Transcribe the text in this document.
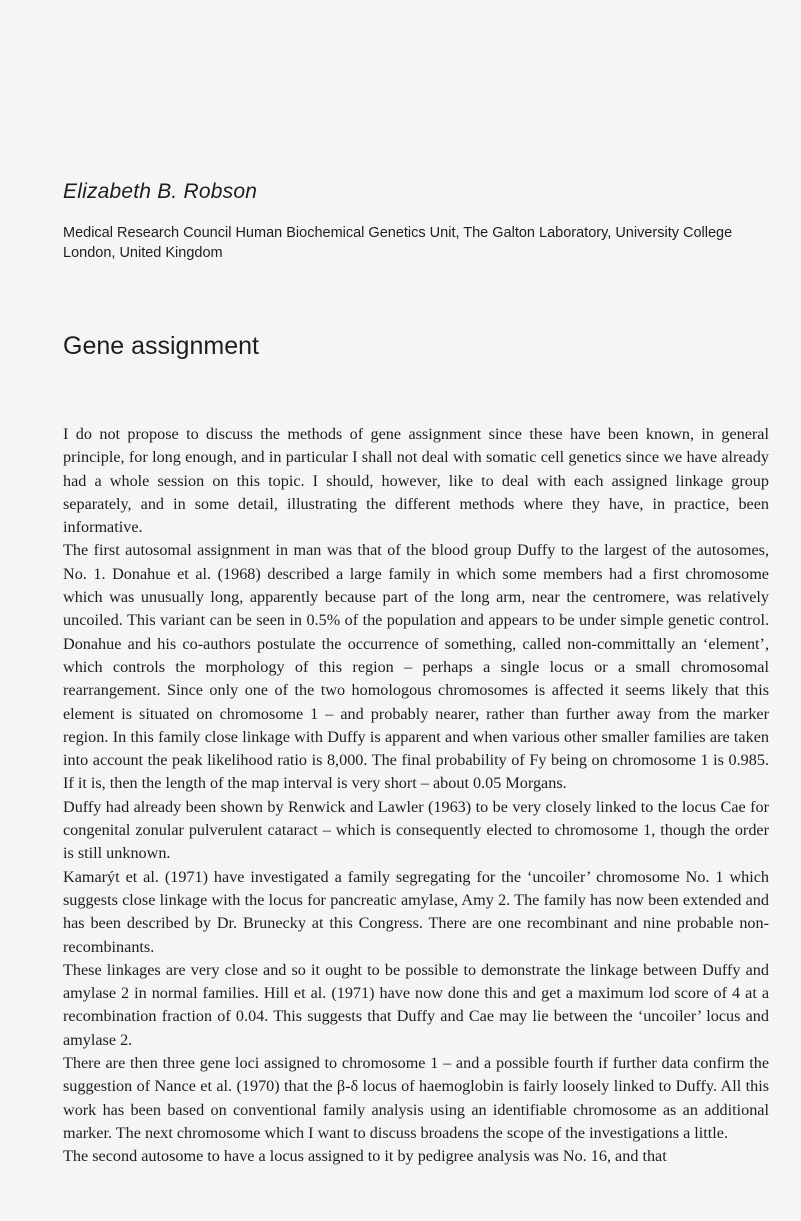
Elizabeth B. Robson
Medical Research Council Human Biochemical Genetics Unit, The Galton Laboratory, University College London, United Kingdom
Gene assignment

I do not propose to discuss the methods of gene assignment since these have been known, in general principle, for long enough, and in particular I shall not deal with somatic cell genetics since we have already had a whole session on this topic. I should, however, like to deal with each assigned linkage group separately, and in some detail, illustrating the different methods where they have, in practice, been informative.

The first autosomal assignment in man was that of the blood group Duffy to the largest of the autosomes, No. 1. Donahue et al. (1968) described a large family in which some members had a first chromosome which was unusually long, apparently because part of the long arm, near the centromere, was relatively uncoiled. This variant can be seen in 0.5% of the population and appears to be under simple genetic control. Donahue and his co-authors postulate the occurrence of something, called non-committally an ‘element’, which controls the morphology of this region – perhaps a single locus or a small chromosomal rearrangement. Since only one of the two homologous chromosomes is affected it seems likely that this element is situated on chromosome 1 – and probably nearer, rather than further away from the marker region. In this family close linkage with Duffy is apparent and when various other smaller families are taken into account the peak likelihood ratio is 8,000. The final probability of Fy being on chromosome 1 is 0.985. If it is, then the length of the map interval is very short – about 0.05 Morgans.

Duffy had already been shown by Renwick and Lawler (1963) to be very closely linked to the locus Cae for congenital zonular pulverulent cataract – which is consequently elected to chromosome 1, though the order is still unknown.

Kamarýt et al. (1971) have investigated a family segregating for the ‘uncoiler’ chromosome No. 1 which suggests close linkage with the locus for pancreatic amylase, Amy 2. The family has now been extended and has been described by Dr. Brunecky at this Congress. There are one recombinant and nine probable non-recombinants.

These linkages are very close and so it ought to be possible to demonstrate the linkage between Duffy and amylase 2 in normal families. Hill et al. (1971) have now done this and get a maximum lod score of 4 at a recombination fraction of 0.04. This suggests that Duffy and Cae may lie between the ‘uncoiler’ locus and amylase 2.

There are then three gene loci assigned to chromosome 1 – and a possible fourth if further data confirm the suggestion of Nance et al. (1970) that the β-δ locus of haemoglobin is fairly loosely linked to Duffy. All this work has been based on conventional family analysis using an identifiable chromosome as an additional marker. The next chromosome which I want to discuss broadens the scope of the investigations a little.

The second autosome to have a locus assigned to it by pedigree analysis was No. 16, and that
